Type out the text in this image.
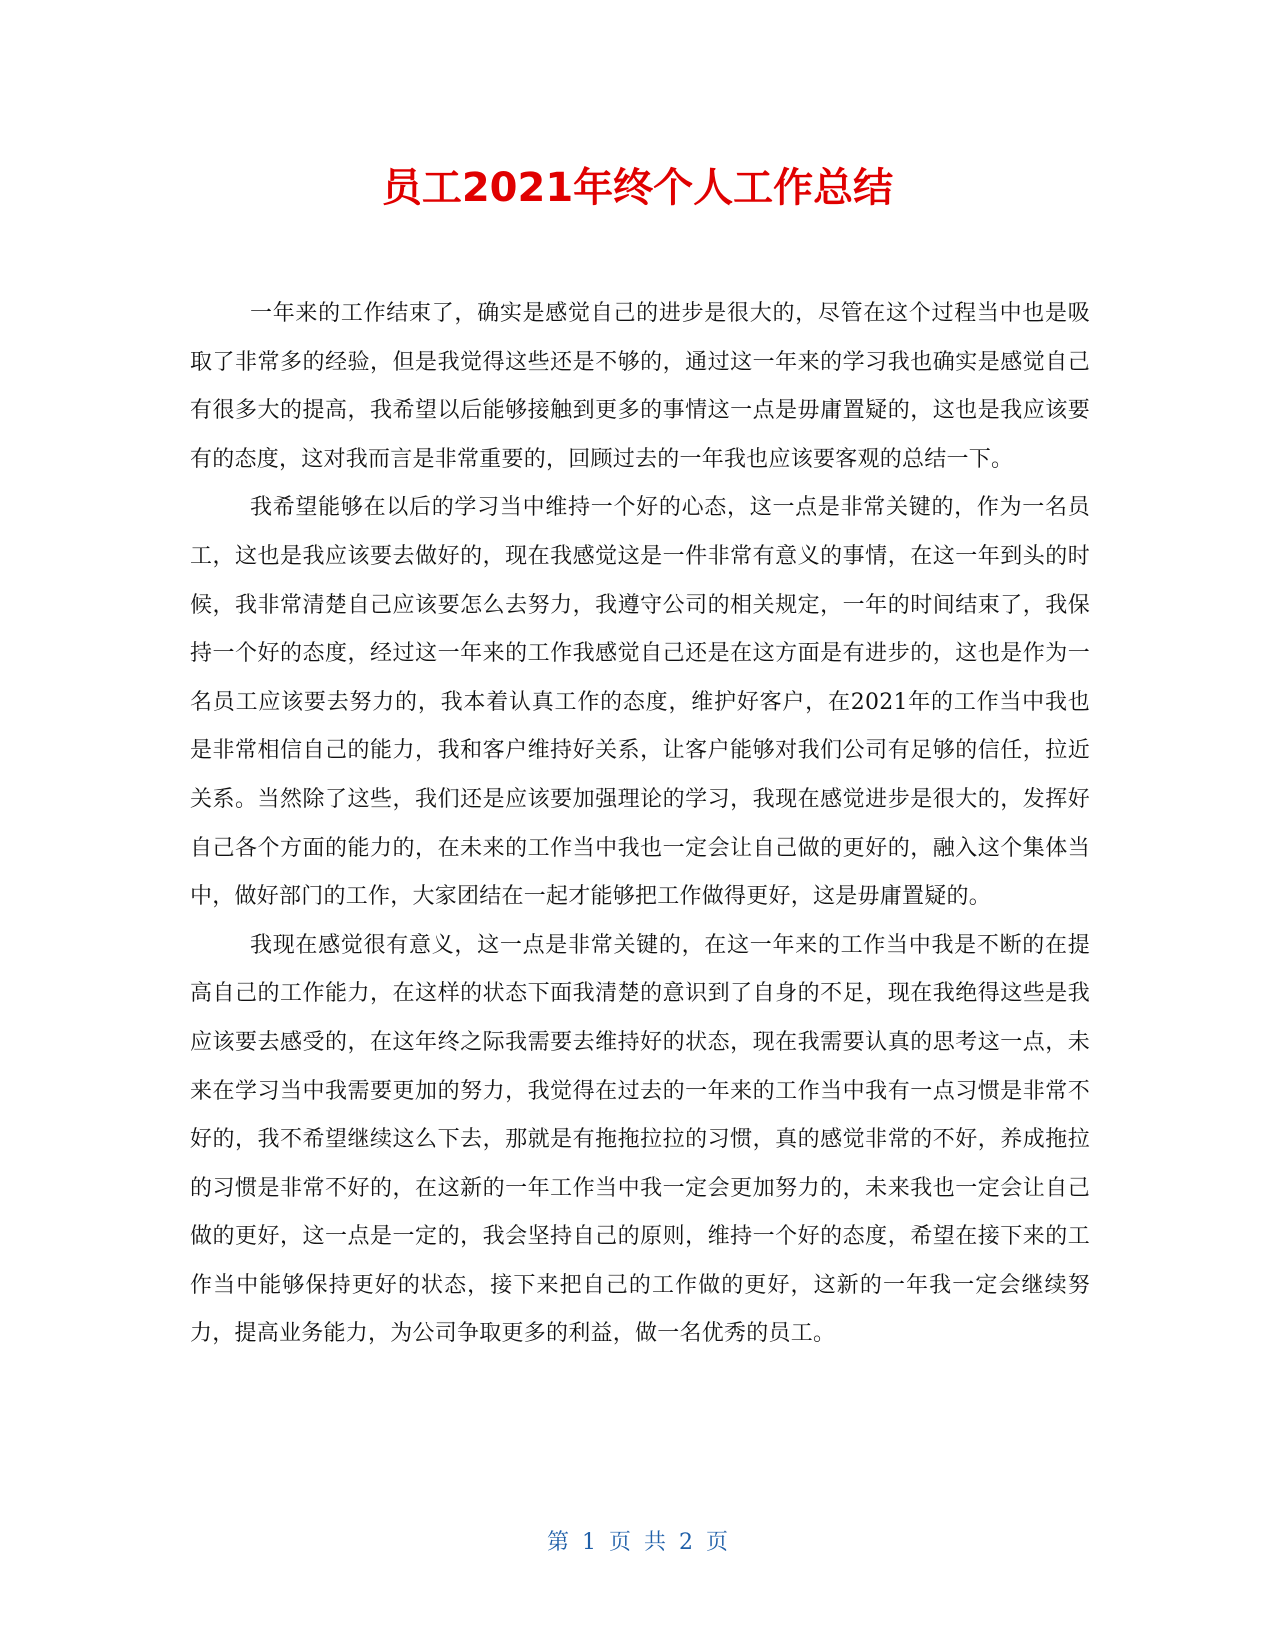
员工2021年终个人工作总结

一年来的工作结束了，确实是感觉自己的进步是很大的，尽管在这个过程当中也是吸取了非常多的经验，但是我觉得这些还是不够的，通过这一年来的学习我也确实是感觉自己有很多大的提高，我希望以后能够接触到更多的事情这一点是毋庸置疑的，这也是我应该要有的态度，这对我而言是非常重要的，回顾过去的一年我也应该要客观的总结一下。

我希望能够在以后的学习当中维持一个好的心态，这一点是非常关键的，作为一名员工，这也是我应该要去做好的，现在我感觉这是一件非常有意义的事情，在这一年到头的时候，我非常清楚自己应该要怎么去努力，我遵守公司的相关规定，一年的时间结束了，我保持一个好的态度，经过这一年来的工作我感觉自己还是在这方面是有进步的，这也是作为一名员工应该要去努力的，我本着认真工作的态度，维护好客户，在2021年的工作当中我也是非常相信自己的能力，我和客户维持好关系，让客户能够对我们公司有足够的信任，拉近关系。当然除了这些，我们还是应该要加强理论的学习，我现在感觉进步是很大的，发挥好自己各个方面的能力的，在未来的工作当中我也一定会让自己做的更好的，融入这个集体当中，做好部门的工作，大家团结在一起才能够把工作做得更好，这是毋庸置疑的。

我现在感觉很有意义，这一点是非常关键的，在这一年来的工作当中我是不断的在提高自己的工作能力，在这样的状态下面我清楚的意识到了自身的不足，现在我绝得这些是我应该要去感受的，在这年终之际我需要去维持好的状态，现在我需要认真的思考这一点，未来在学习当中我需要更加的努力，我觉得在过去的一年来的工作当中我有一点习惯是非常不好的，我不希望继续这么下去，那就是有拖拖拉拉的习惯，真的感觉非常的不好，养成拖拉的习惯是非常不好的，在这新的一年工作当中我一定会更加努力的，未来我也一定会让自己做的更好，这一点是一定的，我会坚持自己的原则，维持一个好的态度，希望在接下来的工作当中能够保持更好的状态，接下来把自己的工作做的更好，这新的一年我一定会继续努力，提高业务能力，为公司争取更多的利益，做一名优秀的员工。

第 1 页 共 2 页
